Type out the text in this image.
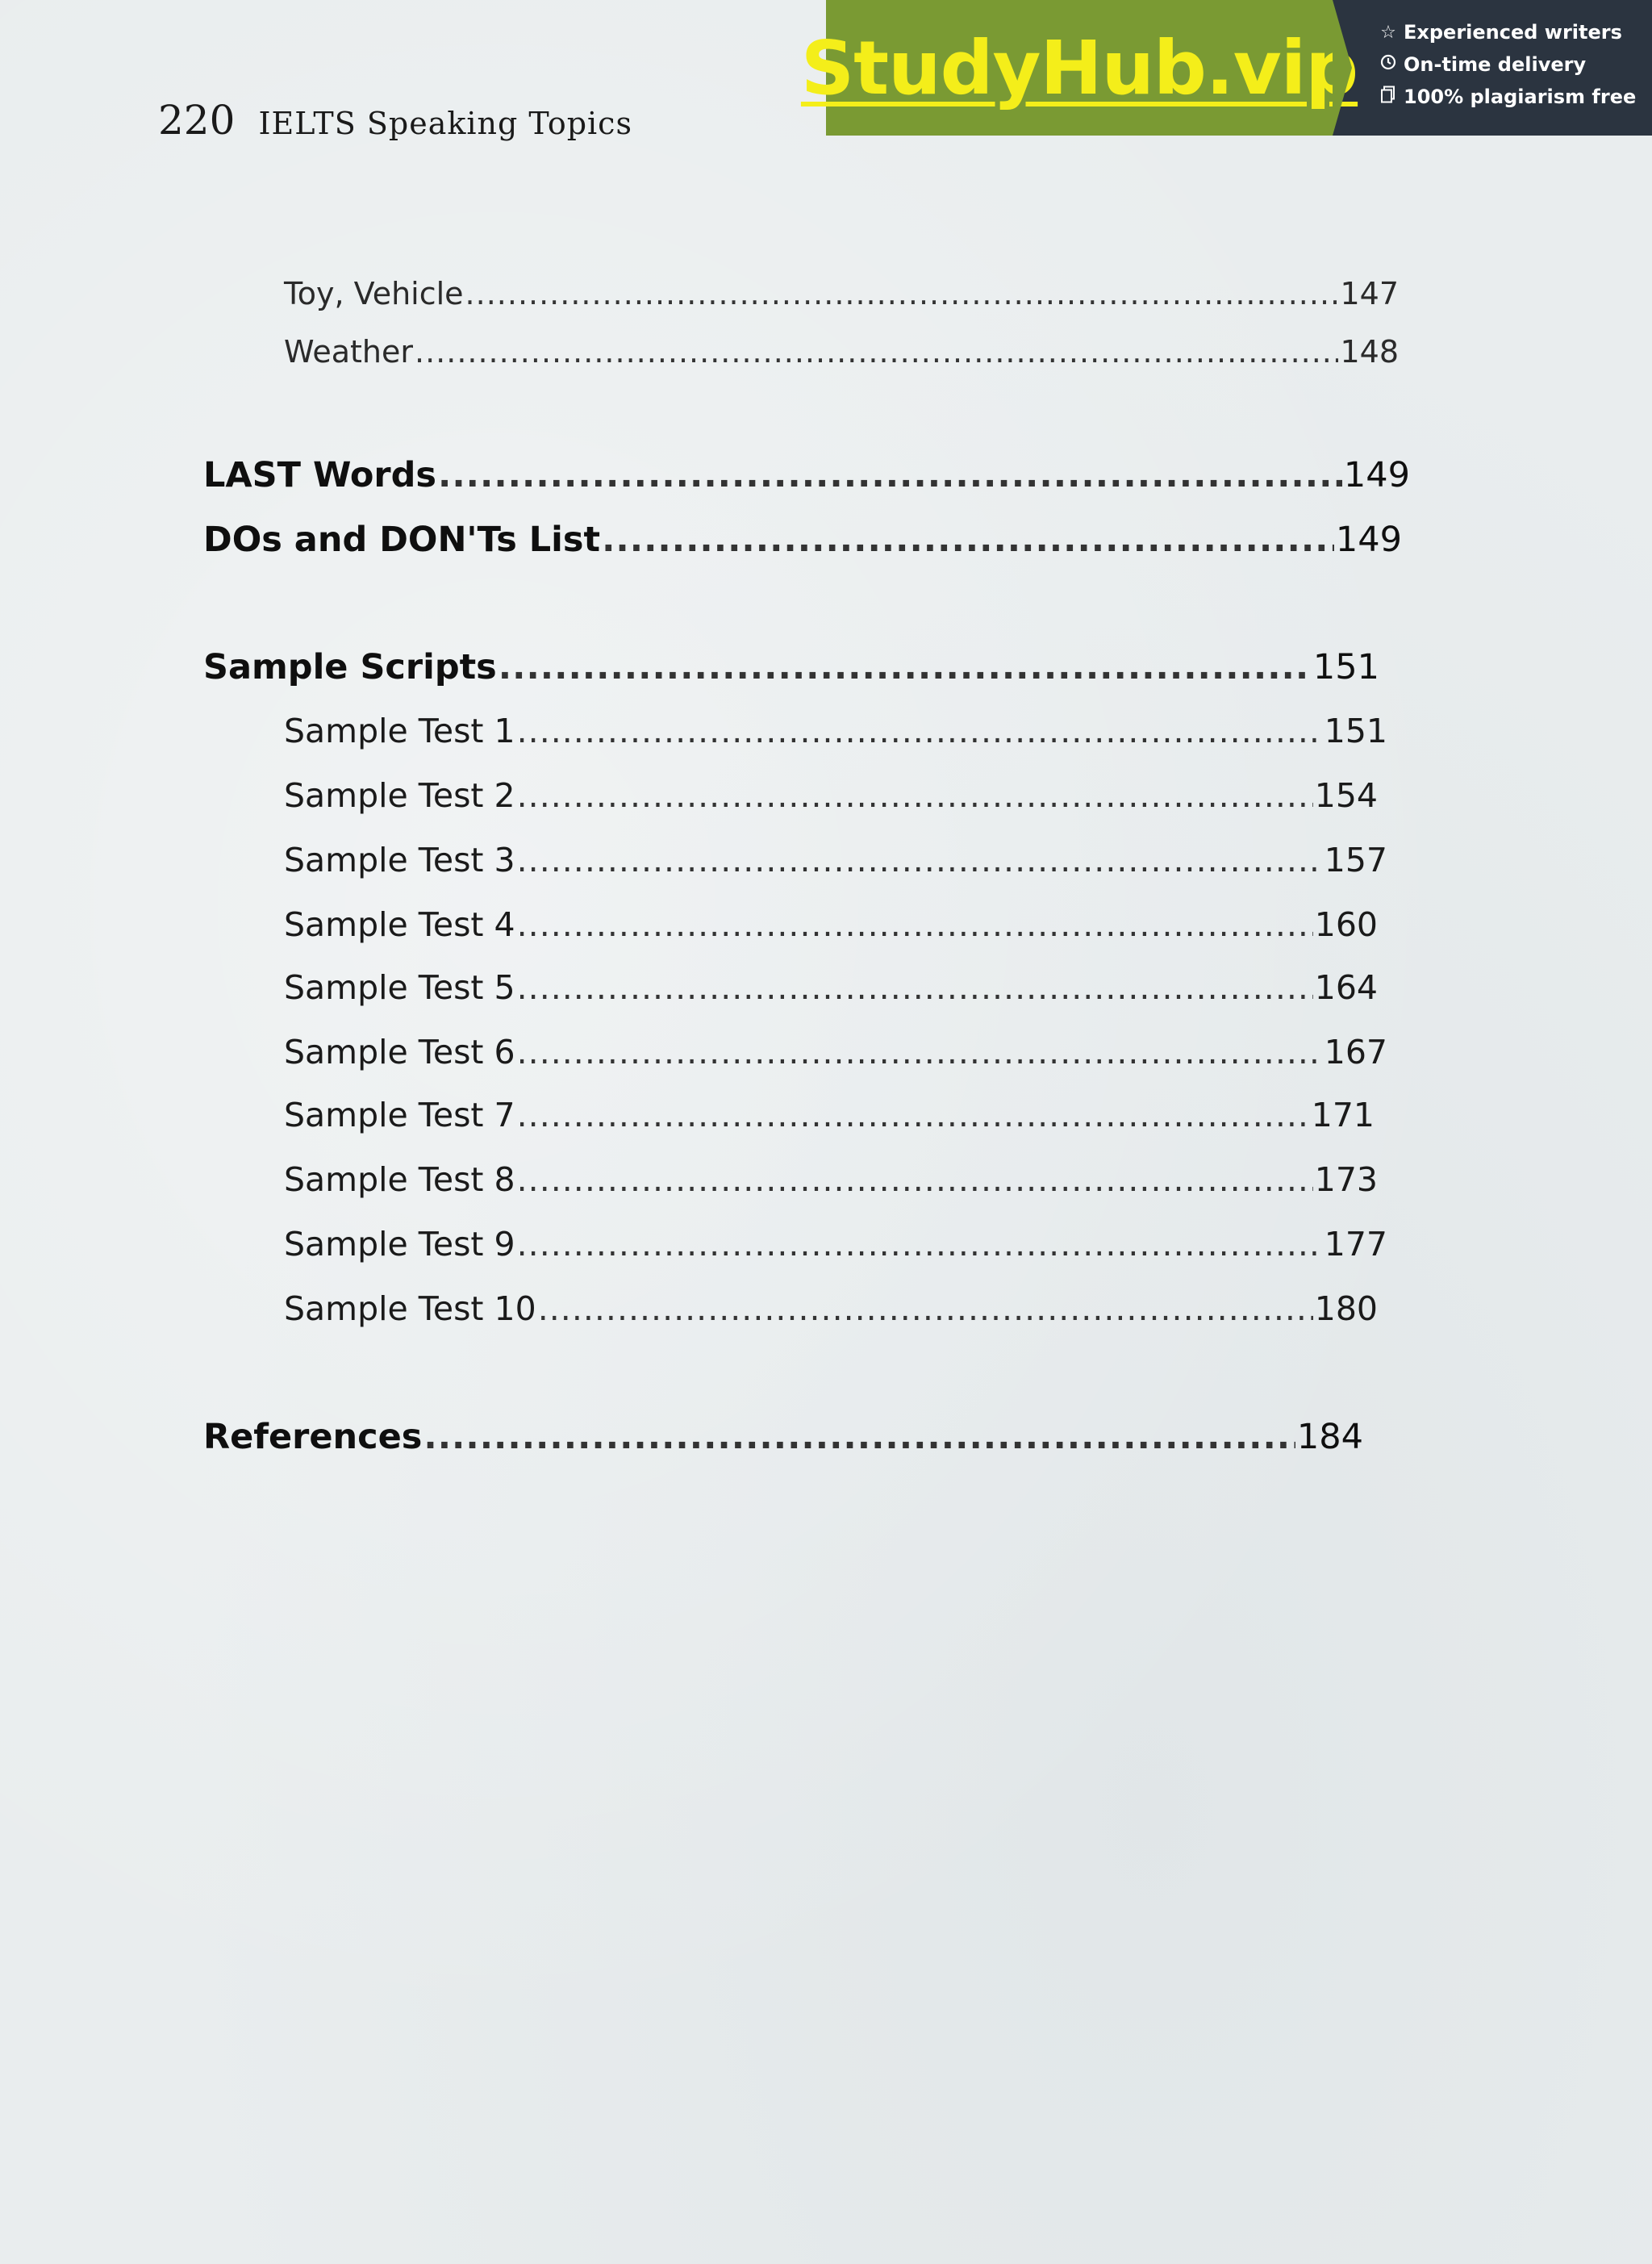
220 IELTS Speaking Topics
StudyHub.vip ☆ Experienced writers
On-time delivery
100% plagiarism free
Toy, Vehicle .....	147
Weather .....	148
LAST Words .....	149
DOs and DON'Ts List .....	149
Sample Scripts .....	151
Sample Test 1 .....	151
Sample Test 2 .....	154
Sample Test 3 .....	157
Sample Test 4 .....	160
Sample Test 5 .....	164
Sample Test 6 .....	167
Sample Test 7 .....	171
Sample Test 8 .....	173
Sample Test 9 .....	177
Sample Test 10 .....	180
References .....	184
